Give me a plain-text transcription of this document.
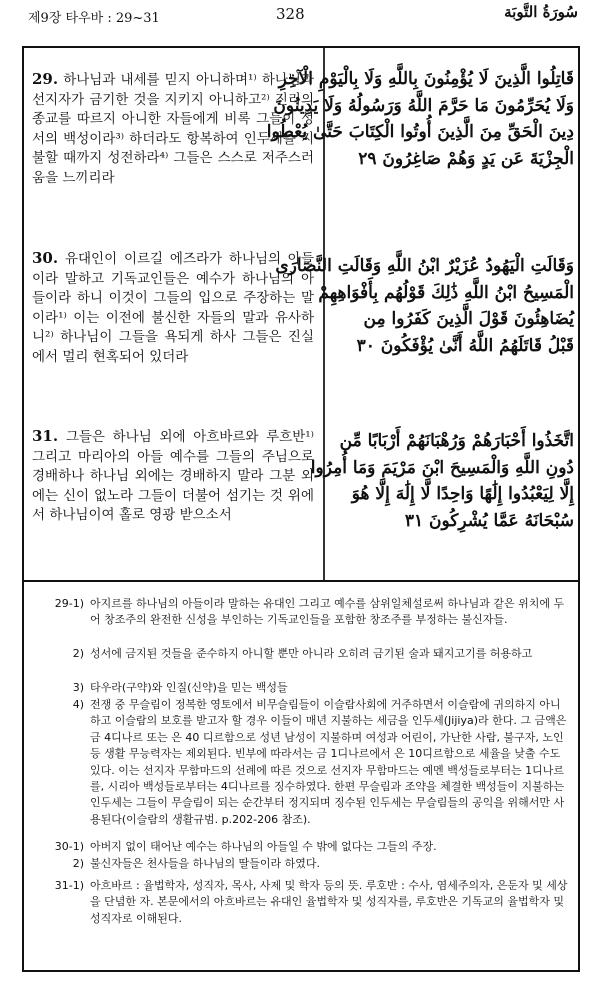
제9장 타우바 : 29~31	328	سُورَةُ التَّوبَة
29. 하나님과 내세를 믿지 아니하며¹⁾ 하나님과 선지자가 금기한 것을 지키지 아니하고²⁾ 진리의 종교를 따르지 아니한 자들에게 비록 그들이 성서의 백성이라³⁾ 하더라도 항복하여 인두세를 지불할 때까지 성전하라⁴⁾ 그들은 스스로 저주스러움을 느끼리라
قَاتِلُوا الَّذِينَ لَا يُؤْمِنُونَ بِاللَّهِ وَلَا بِالْيَوْمِ الْآخِرِ
وَلَا يُحَرِّمُونَ مَا حَرَّمَ اللَّهُ وَرَسُولُهُ وَلَا يَدِينُونَ
دِينَ الْحَقِّ مِنَ الَّذِينَ أُوتُوا الْكِتَابَ حَتَّىٰ يُعْطُوا
الْجِزْيَةَ عَن يَدٍ وَهُمْ صَاغِرُونَ ٢٩
30. 유대인이 이르길 에즈라가 하나님의 아들이라 말하고 기독교인들은 예수가 하나님의 아들이라 하니 이것이 그들의 입으로 주장하는 말이라¹⁾ 이는 이전에 불신한 자들의 말과 유사하니²⁾ 하나님이 그들을 욕되게 하사 그들은 진실에서 멀리 현혹되어 있더라
وَقَالَتِ الْيَهُودُ عُزَيْرٌ ابْنُ اللَّهِ وَقَالَتِ النَّصَارَى
الْمَسِيحُ ابْنُ اللَّهِ ذَٰلِكَ قَوْلُهُم بِأَفْوَاهِهِمْ
يُضَاهِئُونَ قَوْلَ الَّذِينَ كَفَرُوا مِن
قَبْلُ قَاتَلَهُمُ اللَّهُ أَنَّىٰ يُؤْفَكُونَ ٣٠
31. 그들은 하나님 외에 아흐바르와 루흐반¹⁾ 그리고 마리아의 아들 예수를 그들의 주님으로 경배하나 하나님 외에는 경배하지 말라 그분 외에는 신이 없노라 그들이 더불어 섬기는 것 위에서 하나님이여 홀로 영광 받으소서
اتَّخَذُوا أَحْبَارَهُمْ وَرُهْبَانَهُمْ أَرْبَابًا مِّن
دُونِ اللَّهِ وَالْمَسِيحَ ابْنَ مَرْيَمَ وَمَا أُمِرُوا
إِلَّا لِيَعْبُدُوا إِلَٰهًا وَاحِدًا لَّا إِلَٰهَ إِلَّا هُوَ
سُبْحَانَهُ عَمَّا يُشْرِكُونَ ٣١
29-1) 아지르를 하나님의 아들이라 말하는 유대인 그리고 예수를 삼위일체설로써 하나님과 같은 위치에 두어 창조주의 완전한 신성을 부인하는 기독교인들을 포함한 창조주를 부정하는 불신자들.
2) 성서에 금지된 것들을 준수하지 아니할 뿐만 아니라 오히려 금기된 술과 돼지고기를 허용하고
3) 타우라(구약)와 인질(신약)을 믿는 백성들
4) 전쟁 중 무슬림이 정복한 영토에서 비무슬림들이 이슬람사회에 거주하면서 이슬람에 귀의하지 아니하고 이슬람의 보호를 받고자 할 경우 이들이 매년 지불하는 세금을 인두세(Jijiya)라 한다. 그 금액은 금 4디나르 또는 은 40 디르함으로 성년 남성이 지불하며 여성과 어린이, 가난한 사람, 불구자, 노인 등 생활 무능력자는 제외된다. 빈부에 따라서는 금 1디나르에서 은 10디르함으로 세율을 낮출 수도 있다. 이는 선지자 무함마드의 선례에 따른 것으로 선지자 무함마드는 예멘 백성들로부터는 1디나르를, 시리아 백성들로부터는 4디나르를 징수하였다. 한편 무슬림과 조약을 체결한 백성들이 지불하는 인두세는 그들이 무슬림이 되는 순간부터 정지되며 징수된 인두세는 무슬림들의 공익을 위해서만 사용된다(이슬람의 생활규범. p.202-206 참조).
30-1) 아버지 없이 태어난 예수는 하나님의 아들일 수 밖에 없다는 그들의 주장.
2) 불신자들은 천사들을 하나님의 딸들이라 하였다.
31-1) 아흐바르 : 율법학자, 성직자, 목사, 사제 및 학자 등의 뜻. 루호반 : 수사, 염세주의자, 은둔자 및 세상을 단념한 자. 본문에서의 아흐바르는 유대인 율법학자 및 성직자를, 루호반은 기독교의 율법학자 및 성직자로 이해된다.
